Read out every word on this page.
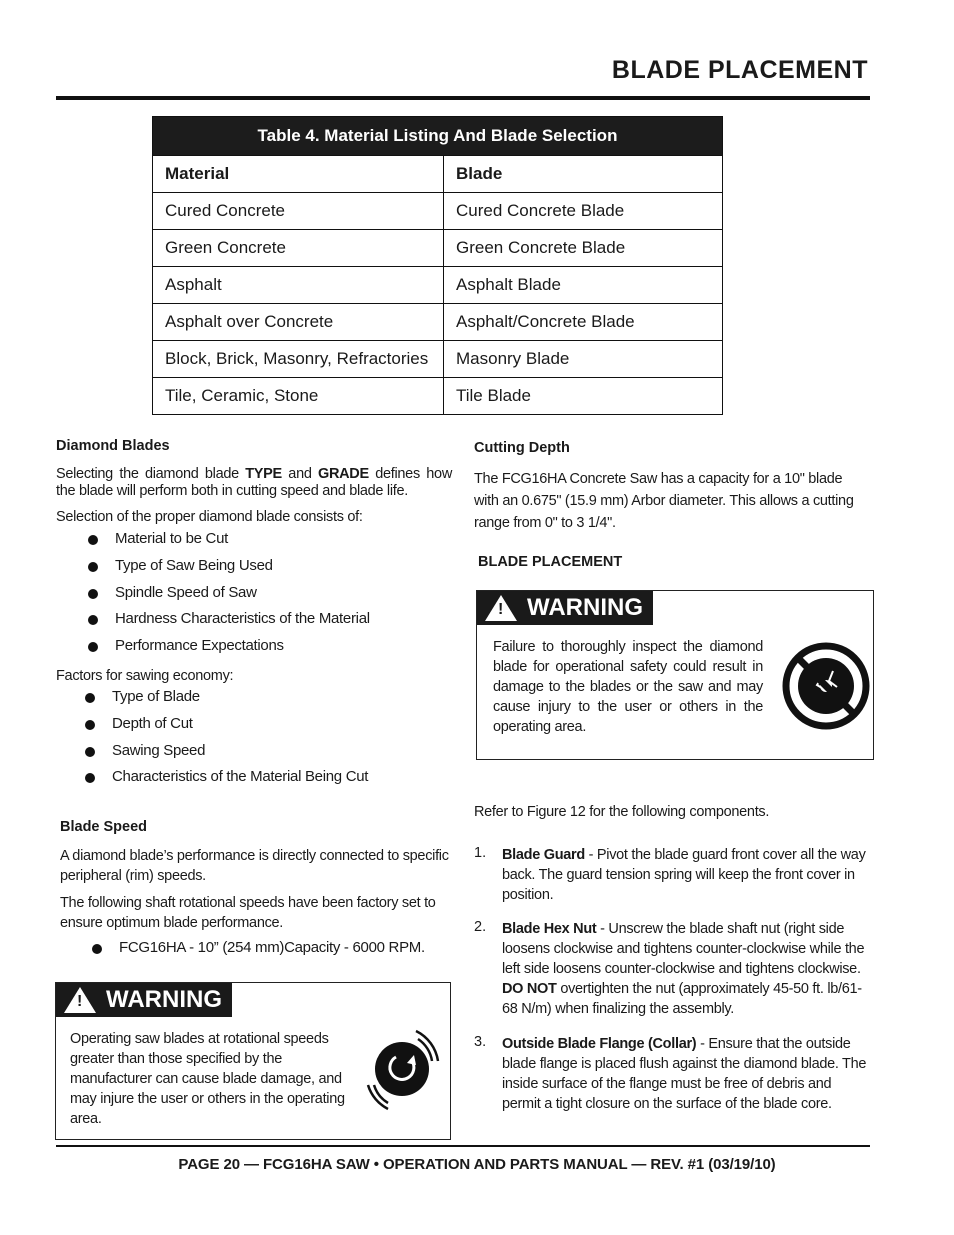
BLADE PLACEMENT
Table 4. Material Listing And Blade Selection
Material	Blade
Cured Concrete	Cured Concrete Blade
Green Concrete	Green Concrete Blade
Asphalt	Asphalt Blade
Asphalt over Concrete	Asphalt/Concrete Blade
Block, Brick, Masonry, Refractories	Masonry Blade
Tile, Ceramic, Stone	Tile Blade
Diamond Blades
Selecting the diamond blade TYPE and GRADE defines how the blade will perform both in cutting speed and blade life.
Selection of the proper diamond blade consists of:
Material to be Cut
Type of Saw Being Used
Spindle Speed of Saw
Hardness Characteristics of the Material
Performance Expectations
Factors for sawing economy:
Type of Blade
Depth of Cut
Sawing Speed
Characteristics of the Material Being Cut
Blade Speed
A diamond blade’s performance is directly connected to specific peripheral (rim) speeds.
The following shaft rotational speeds have been factory set to ensure optimum blade performance.
FCG16HA - 10” (254 mm)Capacity - 6000 RPM.
! WARNING
Operating saw blades at rotational speeds greater than those specified by the manufacturer can cause blade damage, and may injure the user or others in the operating area.
Cutting Depth
The FCG16HA Concrete Saw has a capacity for a 10" blade with an 0.675" (15.9 mm) Arbor diameter. This allows a cutting range from 0" to 3 1/4".
BLADE PLACEMENT
! WARNING
Failure to thoroughly inspect the diamond blade for operational safety could result in damage to the blades or the saw and may cause injury to the user or others in the operating area.
Refer to Figure 12 for the following components.
1. Blade Guard - Pivot the blade guard front cover all the way back. The guard tension spring will keep the front cover in position.
2. Blade Hex Nut - Unscrew the blade shaft nut (right side loosens clockwise and tightens counter-clockwise while the left side loosens counter-clockwise and tightens clockwise. DO NOT overtighten the nut (approximately 45-50 ft. lb/61-68 N/m) when finalizing the assembly.
3. Outside Blade Flange (Collar) - Ensure that the outside blade flange is placed flush against the diamond blade. The inside surface of the flange must be free of debris and permit a tight closure on the surface of the blade core.
PAGE 20 — FCG16HA SAW • OPERATION AND PARTS MANUAL — REV. #1 (03/19/10)
